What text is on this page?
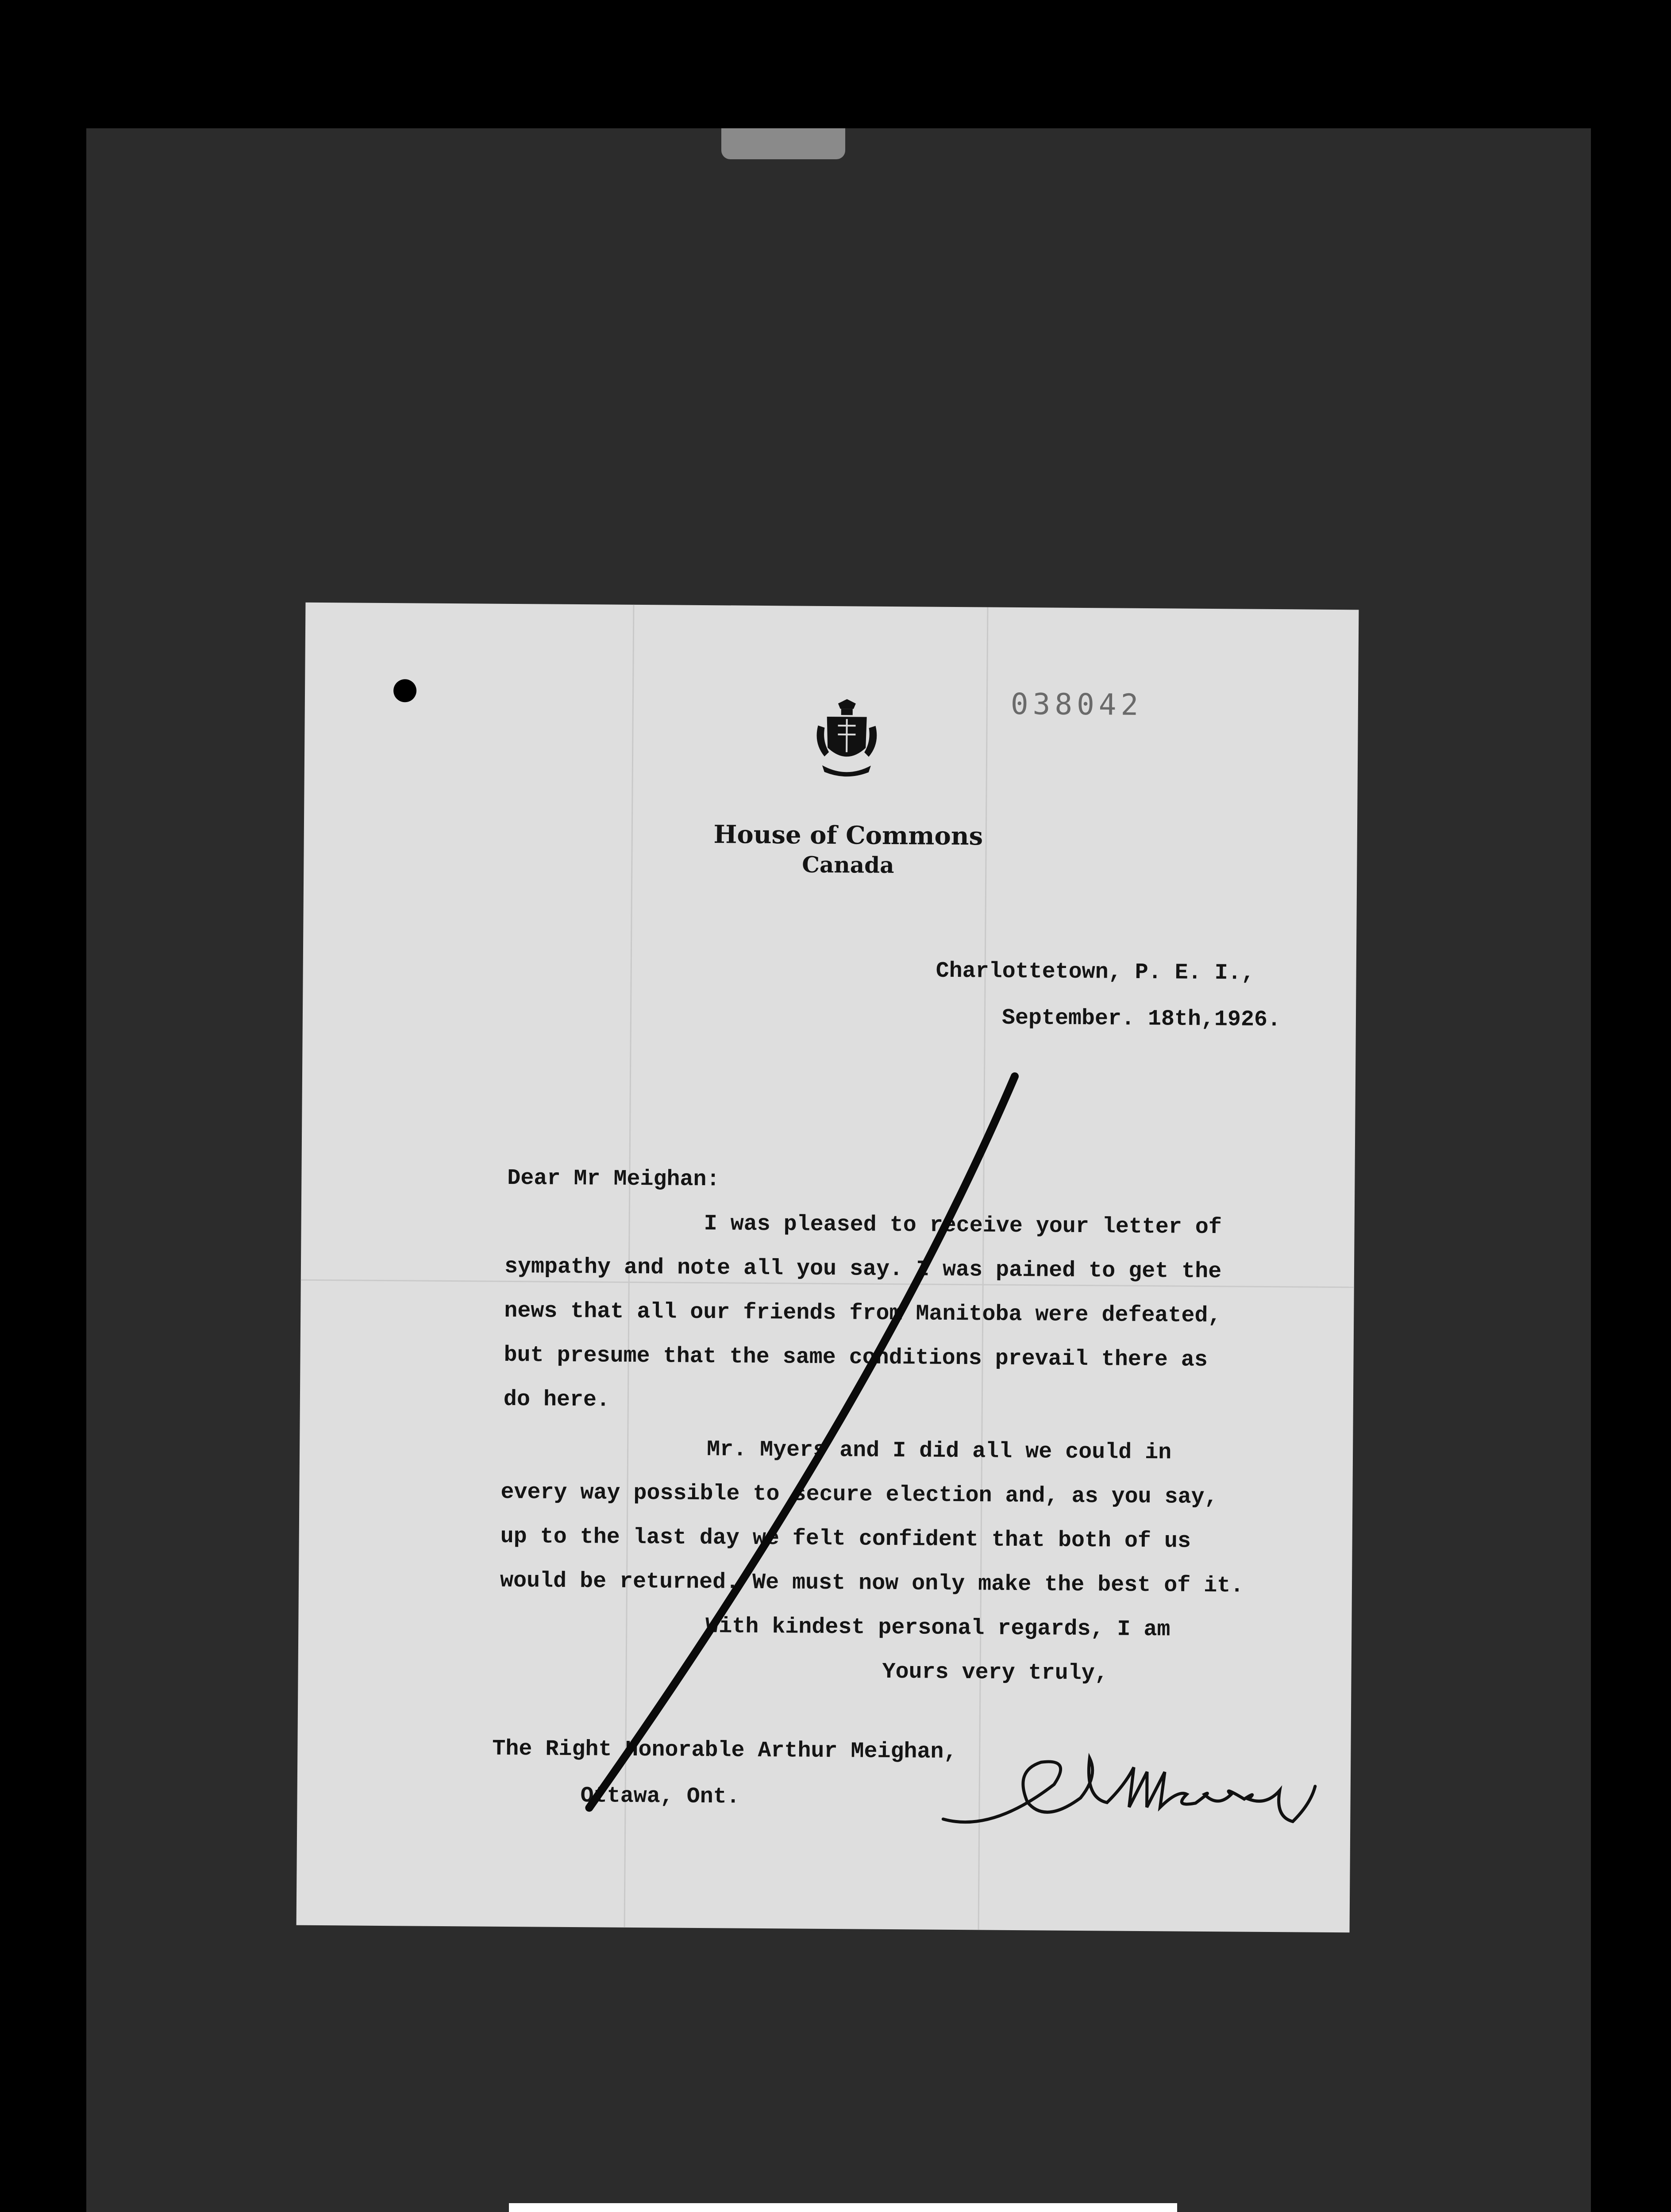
038042
House of Commons
Canada
Charlottetown, P. E. I.,
September. 18th,1926.
Dear Mr Meighan:
I was pleased to receive your letter of
sympathy and note all you say. I was pained to get the
news that all our friends from Manitoba were defeated,
but presume that the same conditions prevail there as
do here.
Mr. Myers and I did all we could in
every way possible to secure election and, as you say,
up to the last day we felt confident that both of us
would be returned. We must now only make the best of it.
With kindest personal regards, I am
Yours very truly,
The Right Honorable Arthur Meighan,
Ottawa, Ont.
